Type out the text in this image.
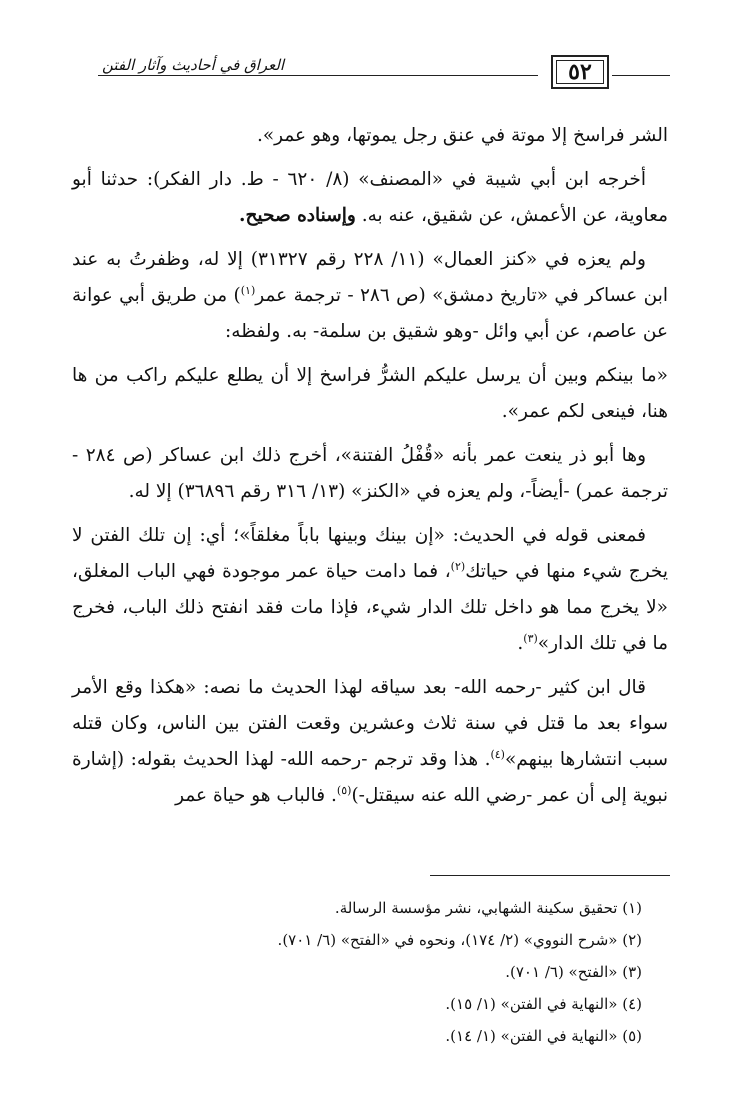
العراق في أحاديث وآثار الفتن	٥٢

الشر فراسخ إلا موتة في عنق رجل يموتها، وهو عمر».

أخرجه ابن أبي شيبة في «المصنف» (٨/ ٦٢٠ - ط. دار الفكر): حدثنا أبو معاوية، عن الأعمش، عن شقيق، عنه به. وإسناده صحيح.

ولم يعزه في «كنز العمال» (١١/ ٢٢٨ رقم ٣١٣٢٧) إلا له، وظفرتُ به عند ابن عساكر في «تاريخ دمشق» (ص ٢٨٦ - ترجمة عمر$^{(١)}$) من طريق أبي عوانة عن عاصم، عن أبي وائل -وهو شقيق بن سلمة- به. ولفظه:

«ما بينكم وبين أن يرسل عليكم الشرُّ فراسخ إلا أن يطلع عليكم راكب من ها هنا، فينعى لكم عمر».

وها أبو ذر ينعت عمر بأنه «قُفْلُ الفتنة»، أخرج ذلك ابن عساكر (ص ٢٨٤ - ترجمة عمر) -أيضاً-، ولم يعزه في «الكنز» (١٣/ ٣١٦ رقم ٣٦٨٩٦) إلا له.

فمعنى قوله في الحديث: «إن بينك وبينها باباً مغلقاً»؛ أي: إن تلك الفتن لا يخرج شيء منها في حياتك$^{(٢)}$، فما دامت حياة عمر موجودة فهي الباب المغلق، «لا يخرج مما هو داخل تلك الدار شيء، فإذا مات فقد انفتح ذلك الباب، فخرج ما في تلك الدار»$^{(٣)}$.

قال ابن كثير -رحمه الله- بعد سياقه لهذا الحديث ما نصه: «هكذا وقع الأمر سواء بعد ما قتل في سنة ثلاث وعشرين وقعت الفتن بين الناس، وكان قتله سبب انتشارها بينهم»$^{(٤)}$. هذا وقد ترجم -رحمه الله- لهذا الحديث بقوله: (إشارة نبوية إلى أن عمر -رضي الله عنه سيقتل-)$^{(٥)}$. فالباب هو حياة عمر

(١) تحقيق سكينة الشهابي، نشر مؤسسة الرسالة.

(٢) «شرح النووي» (٢/ ١٧٤)، ونحوه في «الفتح» (٦/ ٧٠١).

(٣) «الفتح» (٦/ ٧٠١).

(٤) «النهاية في الفتن» (١/ ١٥).

(٥) «النهاية في الفتن» (١/ ١٤).
